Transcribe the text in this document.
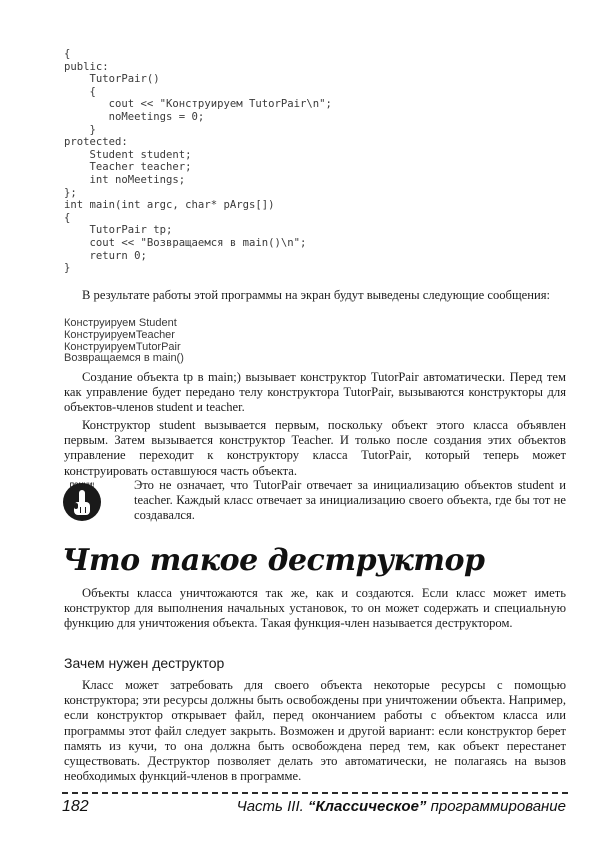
{
public:
TutorPair()
{
cout << "Конструируем TutorPair\n";
noMeetings = 0;
}
protected:
Student student;
Teacher teacher;
int noMeetings;
};
int main(int argc, char* pArgs[])
{
TutorPair tp;
cout << "Возвращаемся в main()\n";
return 0;
}
В результате работы этой программы на экран будут выведены следующие сообщения:
Конструируем Student
КонструируемTeacher
КонструируемTutorPair
Возвращаемся в main()
Создание объекта tp в main;) вызывает конструктор TutorPair автоматически. Перед тем как управление будет передано телу конструктора TutorPair, вызываются конструкторы для объектов-членов student и teacher.
Конструктор student вызывается первым, поскольку объект этого класса объявлен первым. Затем вызывается конструктор Teacher. И только после создания этих объектов управление переходит к конструктору класса TutorPair, который теперь может конструировать оставшуюся часть объекта.
ПОМНИ!	Это не означает, что TutorPair отвечает за инициализацию объектов student и teacher. Каждый класс отвечает за инициализацию своего объекта, где бы тот не создавался.
Что такое деструктор
Объекты класса уничтожаются так же, как и создаются. Если класс может иметь конструктор для выполнения начальных установок, то он может содержать и специальную функцию для уничтожения объекта. Такая функция-член называется деструктором.
Зачем нужен деструктор
Класс может затребовать для своего объекта некоторые ресурсы с помощью конструктора; эти ресурсы должны быть освобождены при уничтожении объекта. Например, если конструктор открывает файл, перед окончанием работы с объектом класса или программы этот файл следует закрыть. Возможен и другой вариант: если конструктор берет память из кучи, то она должна быть освобождена перед тем, как объект перестанет существовать. Деструктор позволяет делать это автоматически, не полагаясь на вызов необходимых функций-членов в программе.
182	Часть III. “Классическое” программирование
